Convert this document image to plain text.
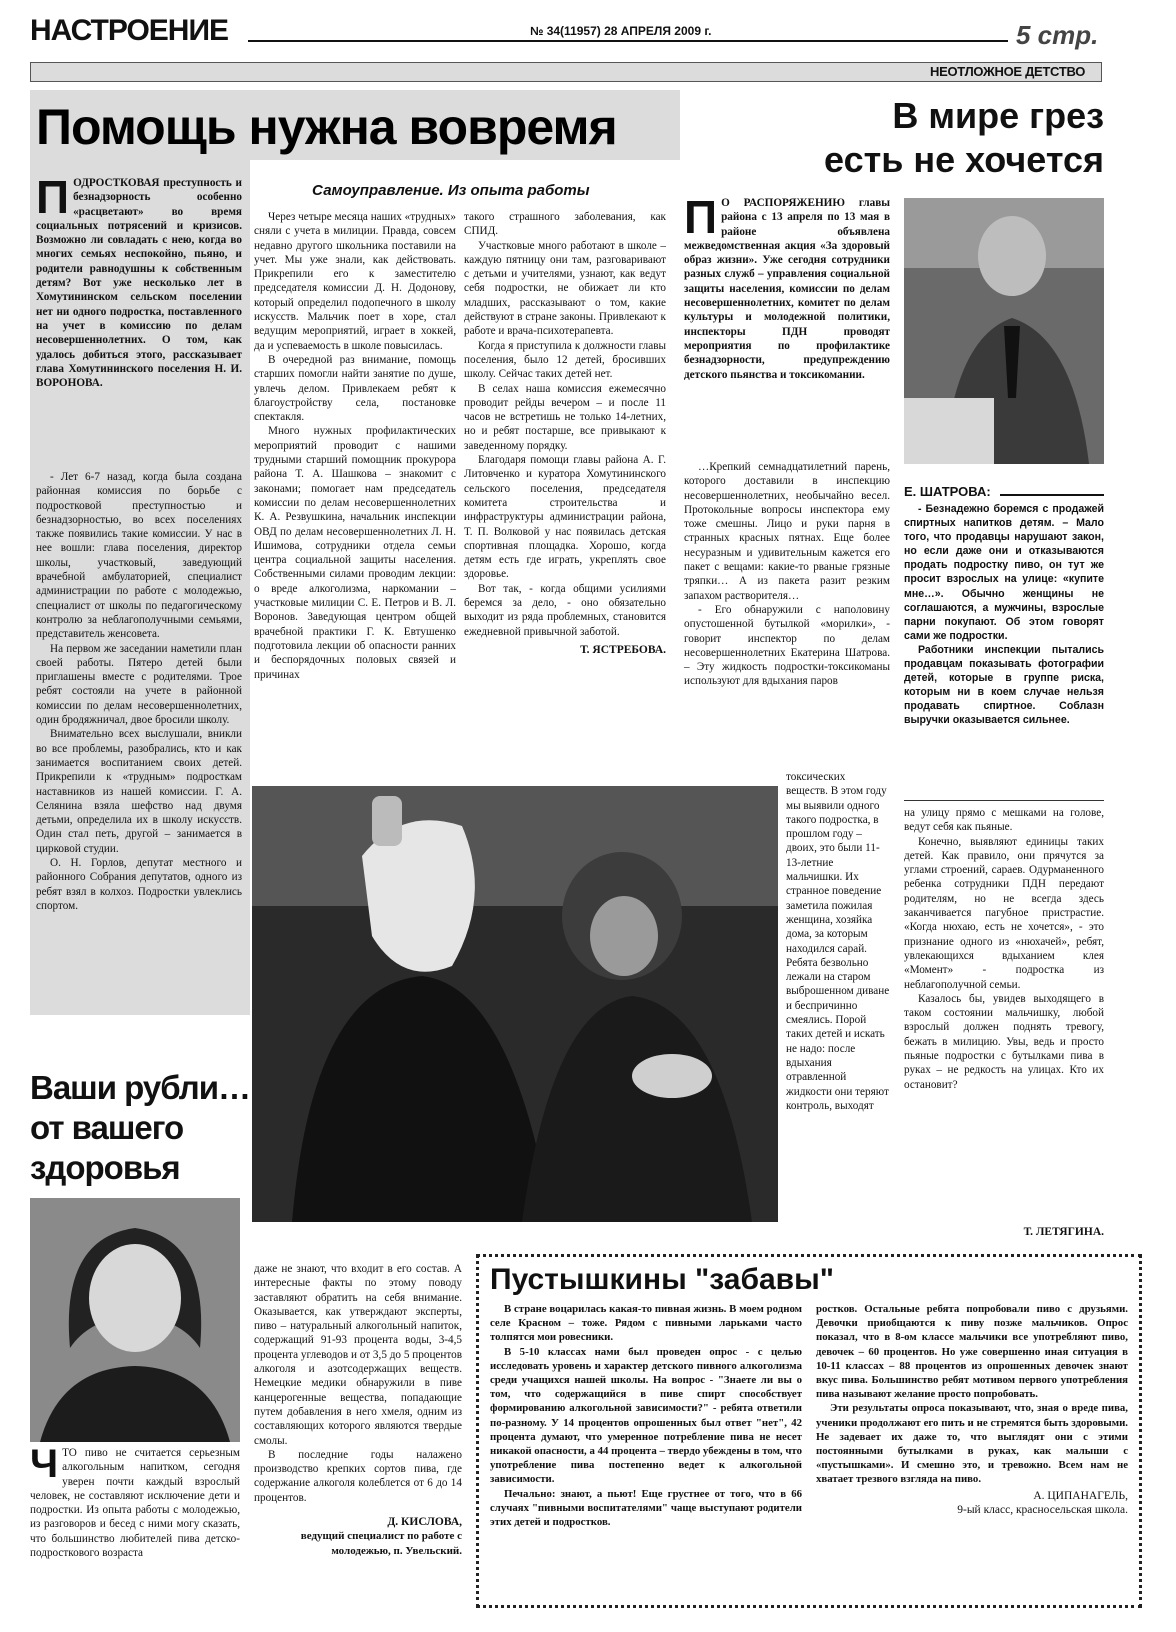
НАСТРОЕНИЕ	№ 34(11957) 28 АПРЕЛЯ 2009 г.	5 стр.
НЕОТЛОЖНОЕ ДЕТСТВО
Помощь нужна вовремя
Самоуправление. Из опыта работы
ПОДРОСТКОВАЯ преступность и безнадзорность особенно «расцветают» во время социальных потрясений и кризисов. Возможно ли совладать с нею, когда во многих семьях неспокойно, пьяно, и родители равнодушны к собственным детям? Вот уже несколько лет в Хомутининском сельском поселении нет ни одного подростка, поставленного на учет в комиссию по делам несовершеннолетних. О том, как удалось добиться этого, рассказывает глава Хомутининского поселения Н. И. ВОРОНОВА.

- Лет 6-7 назад, когда была создана районная комиссия по борьбе с подростковой преступностью и безнадзорностью, во всех поселениях также появились такие комиссии. У нас в нее вошли: глава поселения, директор школы, участковый, заведующий врачебной амбулаторией, специалист администрации по работе с молодежью, специалист от школы по педагогическому контролю за неблагополучными семьями, представитель женсовета.

На первом же заседании наметили план своей работы. Пятеро детей были приглашены вместе с родителями. Трое ребят состояли на учете в районной комиссии по делам несовершеннолетних, один бродяжничал, двое бросили школу.

Внимательно всех выслушали, вникли во все проблемы, разобрались, кто и как занимается воспитанием своих детей. Прикрепили к «трудным» подросткам наставников из нашей комиссии. Г. А. Селянина взяла шефство над двумя детьми, определила их в школу искусств. Один стал петь, другой – занимается в цирковой студии.

О. Н. Горлов, депутат местного и районного Собрания депутатов, одного из ребят взял в колхоз. Подростки увлеклись спортом.

Через четыре месяца наших «трудных» сняли с учета в милиции. Правда, совсем недавно другого школьника поставили на учет. Мы уже знали, как действовать. Прикрепили его к заместителю председателя комиссии Д. Н. Додонову, который определил подопечного в школу искусств. Мальчик поет в хоре, стал ведущим мероприятий, играет в хоккей, да и успеваемость в школе повысилась.

В очередной раз внимание, помощь старших помогли найти занятие по душе, увлечь делом. Привлекаем ребят к благоустройству села, постановке спектакля.

Много нужных профилактических мероприятий проводит с нашими трудными старший помощник прокурора района Т. А. Шашкова – знакомит с законами; помогает нам председатель комиссии по делам несовершеннолетних К. А. Резвушкина, начальник инспекции ОВД по делам несовершеннолетних Л. Н. Ишимова, сотрудники отдела семьи центра социальной защиты населения. Собственными силами проводим лекции: о вреде алкоголизма, наркомании – участковые милиции С. Е. Петров и В. Л. Воронов. Заведующая центром общей врачебной практики Г. К. Евтушенко подготовила лекции об опасности ранних и беспорядочных половых связей и причинах

такого страшного заболевания, как СПИД.

Участковые много работают в школе – каждую пятницу они там, разговаривают с детьми и учителями, узнают, как ведут себя подростки, не обижает ли кто младших, рассказывают о том, какие действуют в стране законы. Привлекают к работе и врача-психотерапевта.

Когда я приступила к должности главы поселения, было 12 детей, бросивших школу. Сейчас таких детей нет.

В селах наша комиссия ежемесячно проводит рейды вечером – и после 11 часов не встретишь не только 14-летних, но и ребят постарше, все привыкают к заведенному порядку.

Благодаря помощи главы района А. Г. Литовченко и куратора Хомутининского сельского поселения, председателя комитета строительства и инфраструктуры администрации района, Т. П. Волковой у нас появилась детская спортивная площадка. Хорошо, когда детям есть где играть, укреплять свое здоровье.

Вот так, - когда общими усилиями беремся за дело, - оно обязательно выходит из ряда проблемных, становится ежедневной привычной заботой.

Т. ЯСТРЕБОВА.
В мире грез
есть не хочется
П О РАСПОРЯЖЕНИЮ главы района с 13 апреля по 13 мая в районе объявлена межведомственная акция «За здоровый образ жизни». Уже сегодня сотрудники разных служб – управления социальной защиты населения, комиссии по делам несовершеннолетних, комитет по делам культуры и молодежной политики, инспекторы ПДН проводят мероприятия по профилактике безнадзорности, предупреждению детского пьянства и токсикомании.

…Крепкий семнадцатилетний парень, которого доставили в инспекцию несовершеннолетних, необычайно весел. Протокольные вопросы инспектора ему тоже смешны. Лицо и руки парня в странных красных пятнах. Еще более несуразным и удивительным кажется его пакет с вещами: какие-то рваные грязные тряпки… А из пакета разит резким запахом растворителя…

- Его обнаружили с наполовину опустошенной бутылкой «морилки», - говорит инспектор по делам несовершеннолетних Екатерина Шатрова. – Эту жидкость подростки-токсикоманы используют для вдыхания паров

токсических веществ. В этом году мы выявили одного такого подростка, в прошлом году – двоих, это были 11-13-летние мальчишки. Их странное поведение заметила пожилая женщина, хозяйка дома, за которым находился сарай. Ребята безвольно лежали на старом выброшенном диване и беспричинно смеялись. Порой таких детей и искать не надо: после вдыхания отравленной жидкости они теряют контроль, выходят
Е. ШАТРОВА:

- Безнадежно боремся с продажей спиртных напитков детям. – Мало того, что продавцы нарушают закон, но если даже они и отказываются продать подростку пиво, он тут же просит взрослых на улице: «купите мне…». Обычно женщины не соглашаются, а мужчины, взрослые парни покупают. Об этом говорят сами же подростки.

Работники инспекции пытались продавцам показывать фотографии детей, которые в группе риска, которым ни в коем случае нельзя продавать спиртное. Соблазн выручки оказывается сильнее.

на улицу прямо с мешками на голове, ведут себя как пьяные.

Конечно, выявляют единицы таких детей. Как правило, они прячутся за углами строений, сараев. Одурманенного ребенка сотрудники ПДН передают родителям, но не всегда здесь заканчивается пагубное пристрастие. «Когда нюхаю, есть не хочется», - это признание одного из «нюхачей», ребят, увлекающихся вдыханием клея «Момент» - подростка из неблагополучной семьи.

Казалось бы, увидев выходящего в таком состоянии мальчишку, любой взрослый должен поднять тревогу, бежать в милицию. Увы, ведь и просто пьяные подростки с бутылками пива в руках – не редкость на улицах. Кто их остановит?

Т. ЛЕТЯГИНА.
Ваши рубли…
от вашего
здоровья
ЧТО пиво не считается серьезным алкогольным напитком, сегодня уверен почти каждый взрослый человек, не составляют исключение дети и подростки. Из опыта работы с молодежью, из разговоров и бесед с ними могу сказать, что большинство любителей пива детско-подросткового возраста

даже не знают, что входит в его состав. А интересные факты по этому поводу заставляют обратить на себя внимание. Оказывается, как утверждают эксперты, пиво – натуральный алкогольный напиток, содержащий 91-93 процента воды, 3-4,5 процента углеводов и от 3,5 до 5 процентов алкоголя и азотсодержащих веществ. Немецкие медики обнаружили в пиве канцерогенные вещества, попадающие путем добавления в него хмеля, одним из составляющих которого являются твердые смолы.

В последние годы налажено производство крепких сортов пива, где содержание алкоголя колеблется от 6 до 14 процентов.

Д. КИСЛОВА,
ведущий специалист по работе с молодежью, п. Увельский.
Пустышкины "забавы"

В стране воцарилась какая-то пивная жизнь. В моем родном селе Красном – тоже. Рядом с пивными ларьками часто толпятся мои ровесники.

В 5-10 классах нами был проведен опрос - с целью исследовать уровень и характер детского пивного алкоголизма среди учащихся нашей школы. На вопрос - "Знаете ли вы о том, что содержащийся в пиве спирт способствует формированию алкогольной зависимости?" - ребята ответили по-разному. У 14 процентов опрошенных был ответ "нет", 42 процента думают, что умеренное потребление пива не несет никакой опасности, а 44 процента – твердо убеждены в том, что употребление пива постепенно ведет к алкогольной зависимости.

Печально: знают, а пьют! Еще грустнее от того, что в 66 случаях "пивными воспитателями" чаще выступают родители этих детей и подростков.

ростков. Остальные ребята попробовали пиво с друзьями. Девочки приобщаются к пиву позже мальчиков. Опрос показал, что в 8-ом классе мальчики все употребляют пиво, девочек – 60 процентов. Но уже совершенно иная ситуация в 10-11 классах – 88 процентов из опрошенных девочек знают вкус пива. Большинство ребят мотивом первого употребления пива называют желание просто попробовать.

Эти результаты опроса показывают, что, зная о вреде пива, ученики продолжают его пить и не стремятся быть здоровыми. Не задевает их даже то, что выглядят они с этими постоянными бутылками в руках, как малыши с «пустышками». И смешно это, и тревожно. Всем нам не хватает трезвого взгляда на пиво.

А. ЦИПАНАГЕЛЬ,
9-ый класс, красносельская школа.
